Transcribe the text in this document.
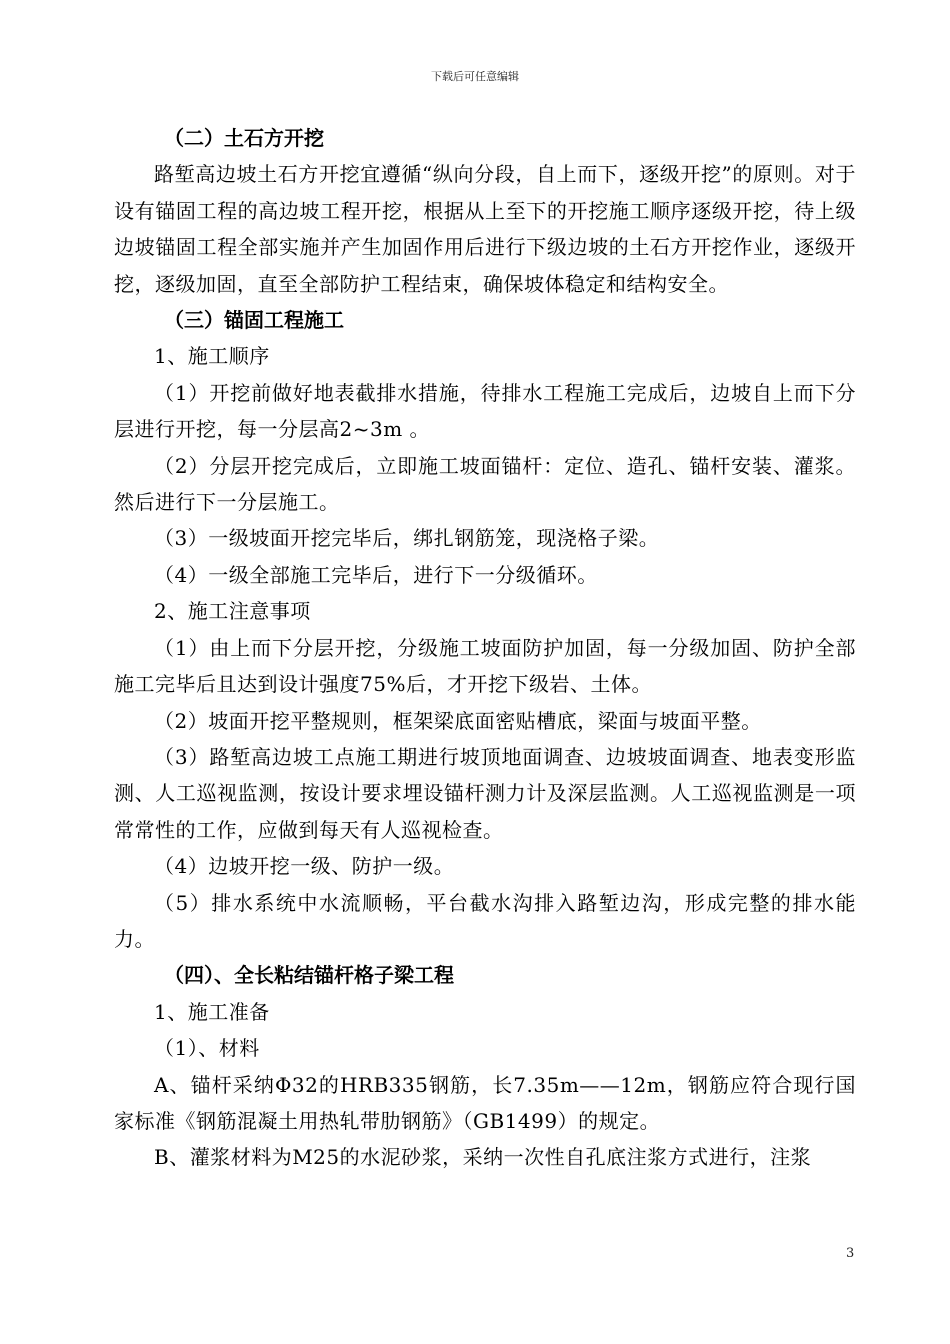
下载后可任意编辑

（二）土石方开挖

路堑高边坡土石方开挖宜遵循“纵向分段，自上而下，逐级开挖”的原则。对于设有锚固工程的高边坡工程开挖，根据从上至下的开挖施工顺序逐级开挖，待上级边坡锚固工程全部实施并产生加固作用后进行下级边坡的土石方开挖作业，逐级开挖，逐级加固，直至全部防护工程结束，确保坡体稳定和结构安全。

（三）锚固工程施工

1、施工顺序

（1）开挖前做好地表截排水措施，待排水工程施工完成后，边坡自上而下分层进行开挖，每一分层高2~3m 。

（2）分层开挖完成后，立即施工坡面锚杆：定位、造孔、锚杆安装、灌浆。然后进行下一分层施工。

（3）一级坡面开挖完毕后，绑扎钢筋笼，现浇格子梁。

（4）一级全部施工完毕后，进行下一分级循环。

2、施工注意事项

（1）由上而下分层开挖，分级施工坡面防护加固，每一分级加固、防护全部施工完毕后且达到设计强度75%后，才开挖下级岩、土体。

（2）坡面开挖平整规则，框架梁底面密贴槽底，梁面与坡面平整。

（3）路堑高边坡工点施工期进行坡顶地面调查、边坡坡面调查、地表变形监测、人工巡视监测，按设计要求埋设锚杆测力计及深层监测。人工巡视监测是一项常常性的工作，应做到每天有人巡视检查。

（4）边坡开挖一级、防护一级。

（5）排水系统中水流顺畅，平台截水沟排入路堑边沟，形成完整的排水能力。

（四）、全长粘结锚杆格子梁工程

1、施工准备

（1）、材料

A、锚杆采纳Φ32的HRB335钢筋，长7.35m——12m，钢筋应符合现行国家标准《钢筋混凝土用热轧带肋钢筋》（GB1499）的规定。

B、灌浆材料为M25的水泥砂浆，采纳一次性自孔底注浆方式进行，注浆

3
